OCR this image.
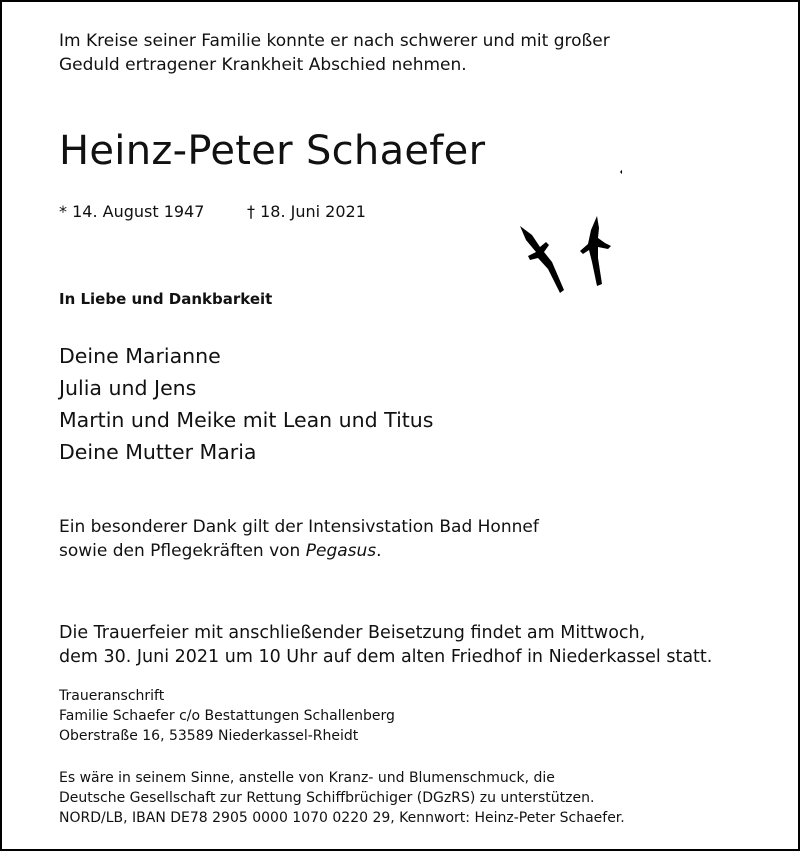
Im Kreise seiner Familie konnte er nach schwerer und mit großer
Geduld ertragener Krankheit Abschied nehmen.
Heinz-Peter Schaefer
* 14. August 1947	† 18. Juni 2021
In Liebe und Dankbarkeit
Deine Marianne
Julia und Jens
Martin und Meike mit Lean und Titus
Deine Mutter Maria
Ein besonderer Dank gilt der Intensivstation Bad Honnef
sowie den Pflegekräften von Pegasus.
Die Trauerfeier mit anschließender Beisetzung findet am Mittwoch,
dem 30. Juni 2021 um 10 Uhr auf dem alten Friedhof in Niederkassel statt.
Traueranschrift
Familie Schaefer c/o Bestattungen Schallenberg
Oberstraße 16, 53589 Niederkassel-Rheidt
Es wäre in seinem Sinne, anstelle von Kranz- und Blumenschmuck, die
Deutsche Gesellschaft zur Rettung Schiffbrüchiger (DGzRS) zu unterstützen.
NORD/LB, IBAN DE78 2905 0000 1070 0220 29, Kennwort: Heinz-Peter Schaefer.
